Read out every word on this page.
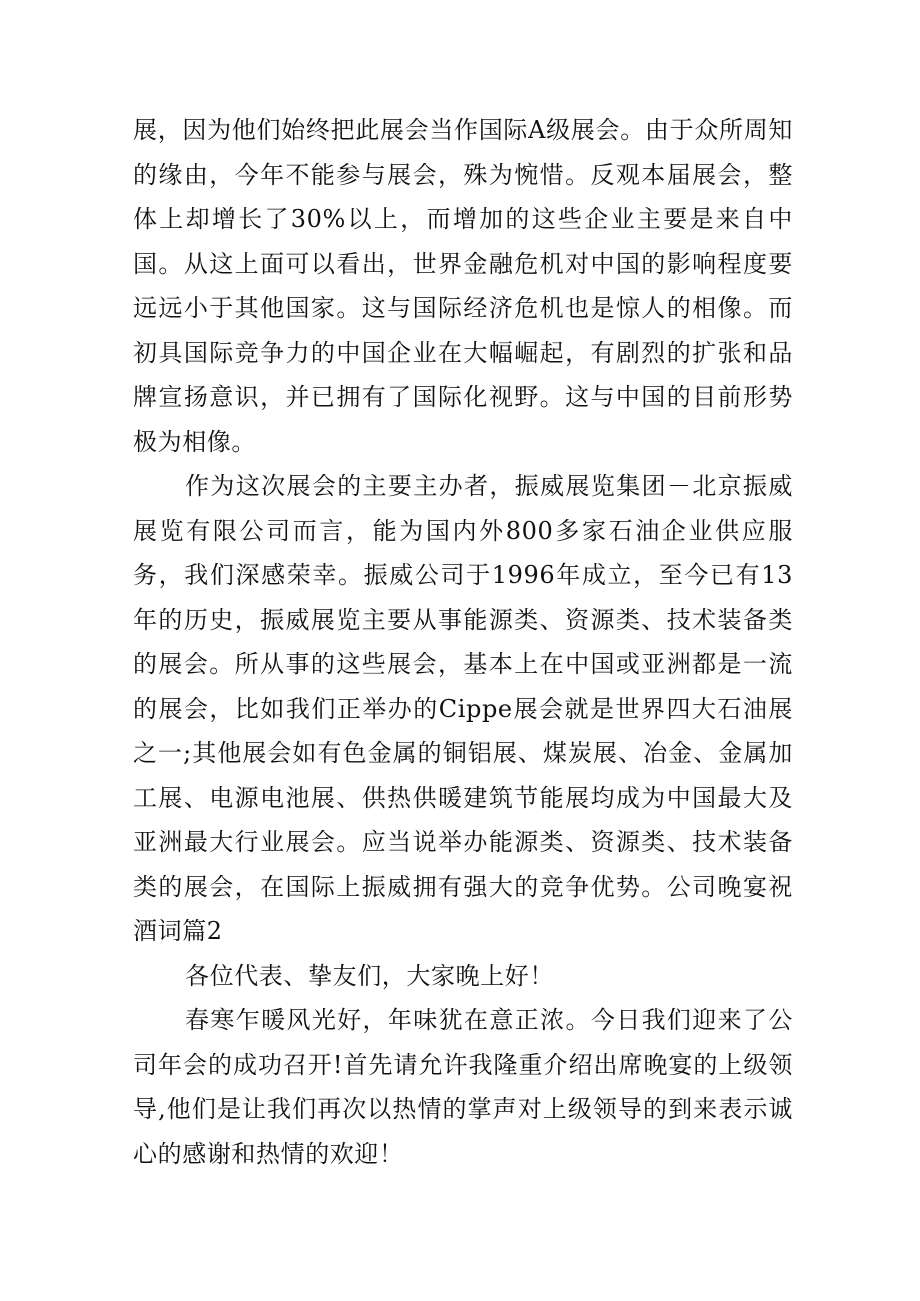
展，因为他们始终把此展会当作国际A级展会。由于众所周知的缘由，今年不能参与展会，殊为惋惜。反观本届展会，整体上却增长了30%以上，而增加的这些企业主要是来自中国。从这上面可以看出，世界金融危机对中国的影响程度要远远小于其他国家。这与国际经济危机也是惊人的相像。而初具国际竞争力的中国企业在大幅崛起，有剧烈的扩张和品牌宣扬意识，并已拥有了国际化视野。这与中国的目前形势极为相像。

作为这次展会的主要主办者，振威展览集团－北京振威展览有限公司而言，能为国内外800多家石油企业供应服务，我们深感荣幸。振威公司于1996年成立，至今已有13年的历史，振威展览主要从事能源类、资源类、技术装备类的展会。所从事的这些展会，基本上在中国或亚洲都是一流的展会，比如我们正举办的Cippe展会就是世界四大石油展之一;其他展会如有色金属的铜铝展、煤炭展、冶金、金属加工展、电源电池展、供热供暖建筑节能展均成为中国最大及亚洲最大行业展会。应当说举办能源类、资源类、技术装备类的展会，在国际上振威拥有强大的竞争优势。公司晚宴祝酒词篇2

各位代表、挚友们，大家晚上好！

春寒乍暖风光好，年味犹在意正浓。今日我们迎来了公司年会的成功召开!首先请允许我隆重介绍出席晚宴的上级领导,他们是让我们再次以热情的掌声对上级领导的到来表示诚心的感谢和热情的欢迎！
